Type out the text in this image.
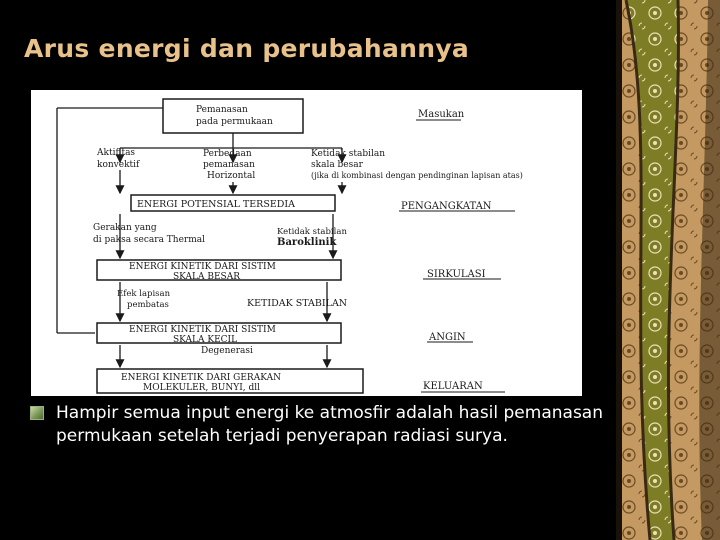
Arus energi dan perubahannya
Pemanasan
pada permukaan
Masukan
Aktifitas
konvektif
Perbedaan
pemanasan
Horizontal
Ketidak stabilan
skala besar
(jika di kombinasi dengan pendinginan lapisan atas)
ENERGI POTENSIAL TERSEDIA	PENGANGKATAN
Gerakan yang
di paksa secara Thermal
Ketidak stabilan
Baroklinik
ENERGI KINETIK DARI SISTIM
SKALA BESAR	SIRKULASI
Efek lapisan
pembatas	KETIDAK STABILAN
ENERGI KINETIK DARI SISTIM
SKALA KECIL	ANGIN
Degenerasi
ENERGI KINETIK DARI GERAKAN
MOLEKULER, BUNYI, dll	KELUARAN
Hampir semua input energi ke atmosfir adalah hasil pemanasan permukaan setelah terjadi penyerapan radiasi surya.
